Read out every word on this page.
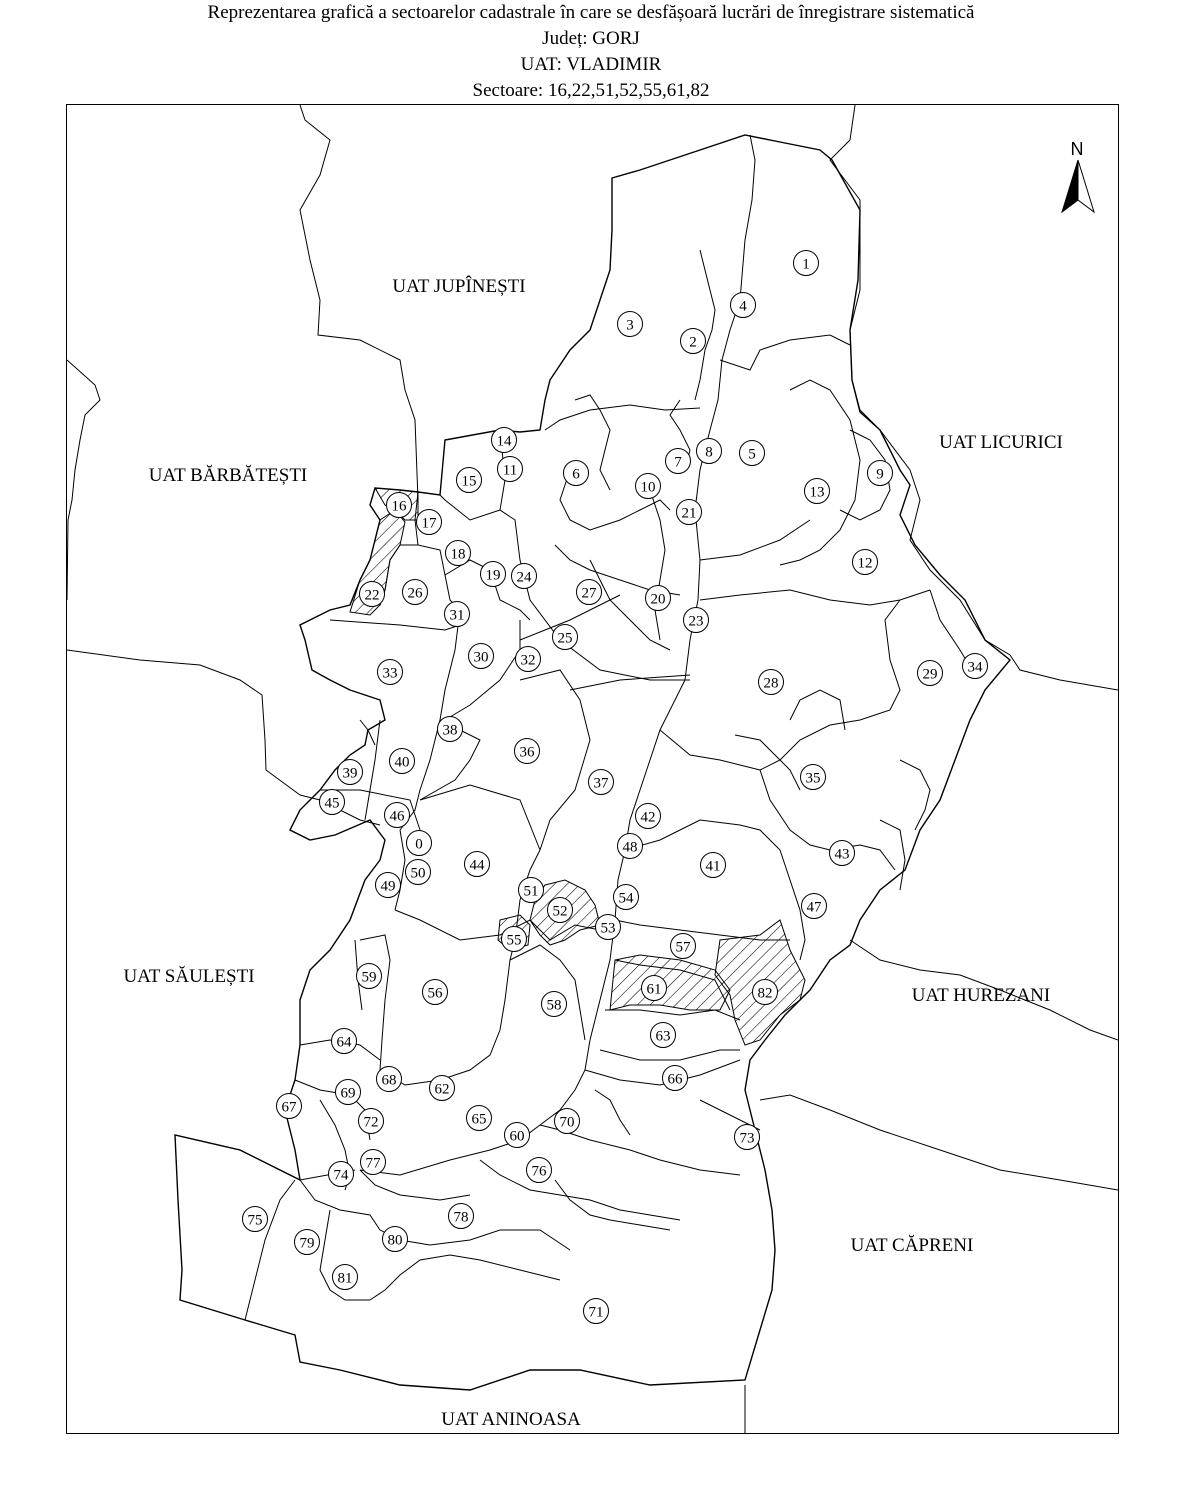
Reprezentarea grafică a sectoarelor cadastrale în care se desfășoară lucrări de înregistrare sistematică
Județ: GORJ
UAT: VLADIMIR
Sectoare: 16,22,51,52,55,61,82
N
UAT JUPÎNEȘTI
UAT LICURICI
UAT BĂRBĂTEȘTI
UAT SĂULEȘTI
UAT HUREZANI
UAT CĂPRENI
UAT ANINOASA
1
2
3
4
5
6
7
8
9
10
11
12
13
14
15
16
17
18
19
20
21
22
23
24
25
26	27
28
29
30
31
32
33	34
35
36
37
38
39
40
41
42
43
44
45
46
0
47
48
49
50
51
52
53
54
55
56
57
58
59
60
61
62
63
64
65
66
67
68
69
70
71
72
73
74
75
76
77
78
79	80
81
82
